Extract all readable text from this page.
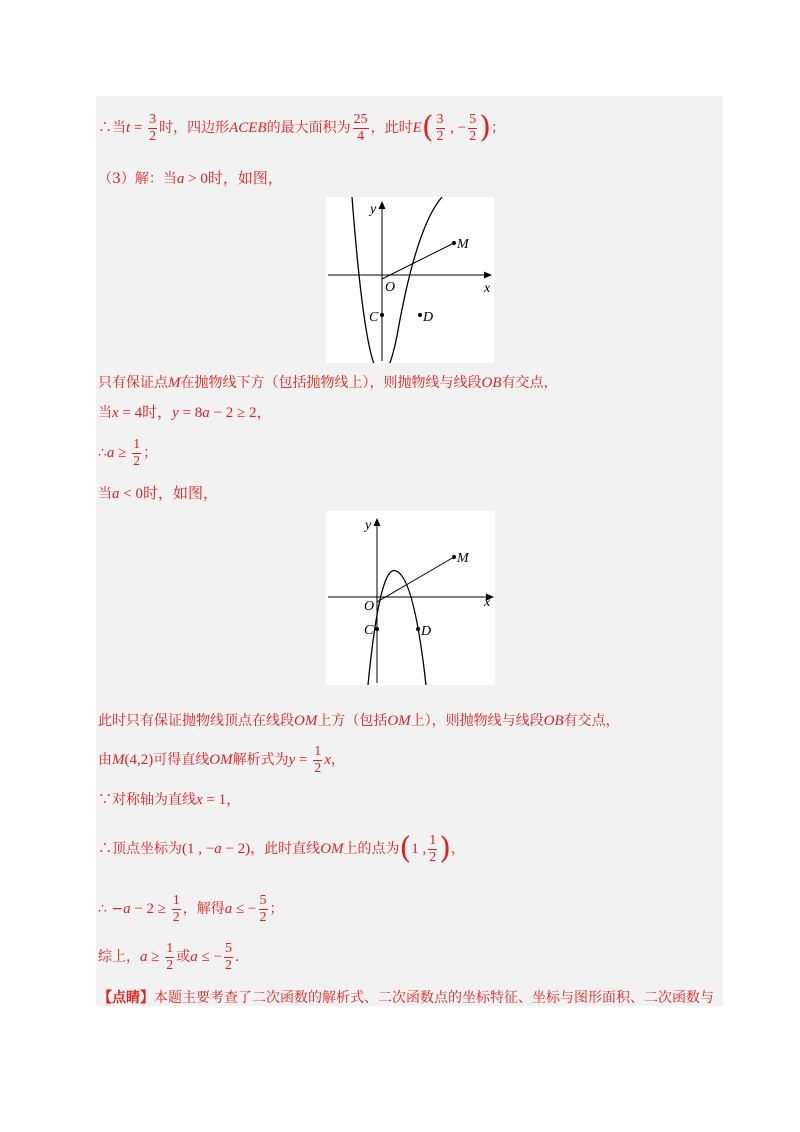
∴当$t = \frac{3}{2}$ 时，四边形ACEB的最大面积为 $\frac{25}{4}$ ，此时$E( \frac{3}{2}$ , − $\frac{5}{2}$ )；
（3）解：当a > 0时，如图，
y
x
O
M
C	D
只有保证点M在抛物线下方（包括抛物线上），则抛物线与线段OB有交点，
当x = 4时，y = 8a − 2 ≥ 2，
∴a ≥ $\frac{1}{2}$ ；
当a < 0时，如图，
y
x
O
M
C	D
此时只有保证抛物线顶点在线段OM上方（包括OM上），则抛物线与线段OB有交点，
由M(4,2)可得直线OM解析式为$y = \frac{1}{2}$ x，
∵对称轴为直线x = 1，
∴顶点坐标为(1 , −a − 2)，此时直线OM上的点为(1 , $\frac{1}{2}$ )，
∴ $-a - 2 \ge \frac{1}{2}$ ，解得a ≤ − $\frac{5}{2}$ ；
综上，$a \ge \frac{1}{2}$ 或a ≤ − $\frac{5}{2}$ ．
【点睛】本题主要考查了二次函数的解析式、二次函数点的坐标特征、坐标与图形面积、二次函数与
